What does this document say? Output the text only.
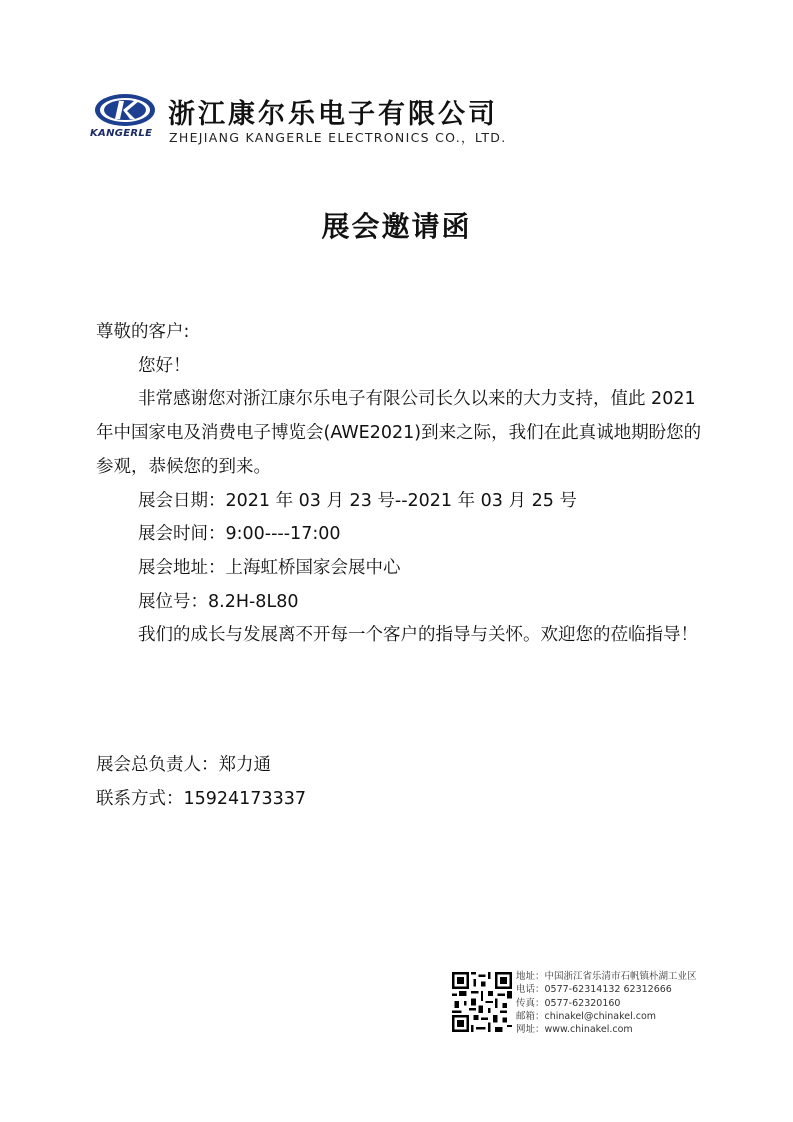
KANGERLE
浙江康尔乐电子有限公司
ZHEJIANG KANGERLE ELECTRONICS CO.，LTD.
展会邀请函

尊敬的客户:

您好！

非常感谢您对浙江康尔乐电子有限公司长久以来的大力支持，值此 2021 年中国家电及消费电子博览会(AWE2021)到来之际，我们在此真诚地期盼您的参观，恭候您的到来。

展会日期：2021 年 03 月 23 号--2021 年 03 月 25 号

展会时间：9:00----17:00

展会地址：上海虹桥国家会展中心

展位号：8.2H-8L80

我们的成长与发展离不开每一个客户的指导与关怀。欢迎您的莅临指导！

展会总负责人：郑力通

联系方式：15924173337

地址：中国浙江省乐清市石帆镇朴湖工业区
电话：0577-62314132 62312666
传真：0577-62320160
邮箱：chinakel@chinakel.com
网址：www.chinakel.com
